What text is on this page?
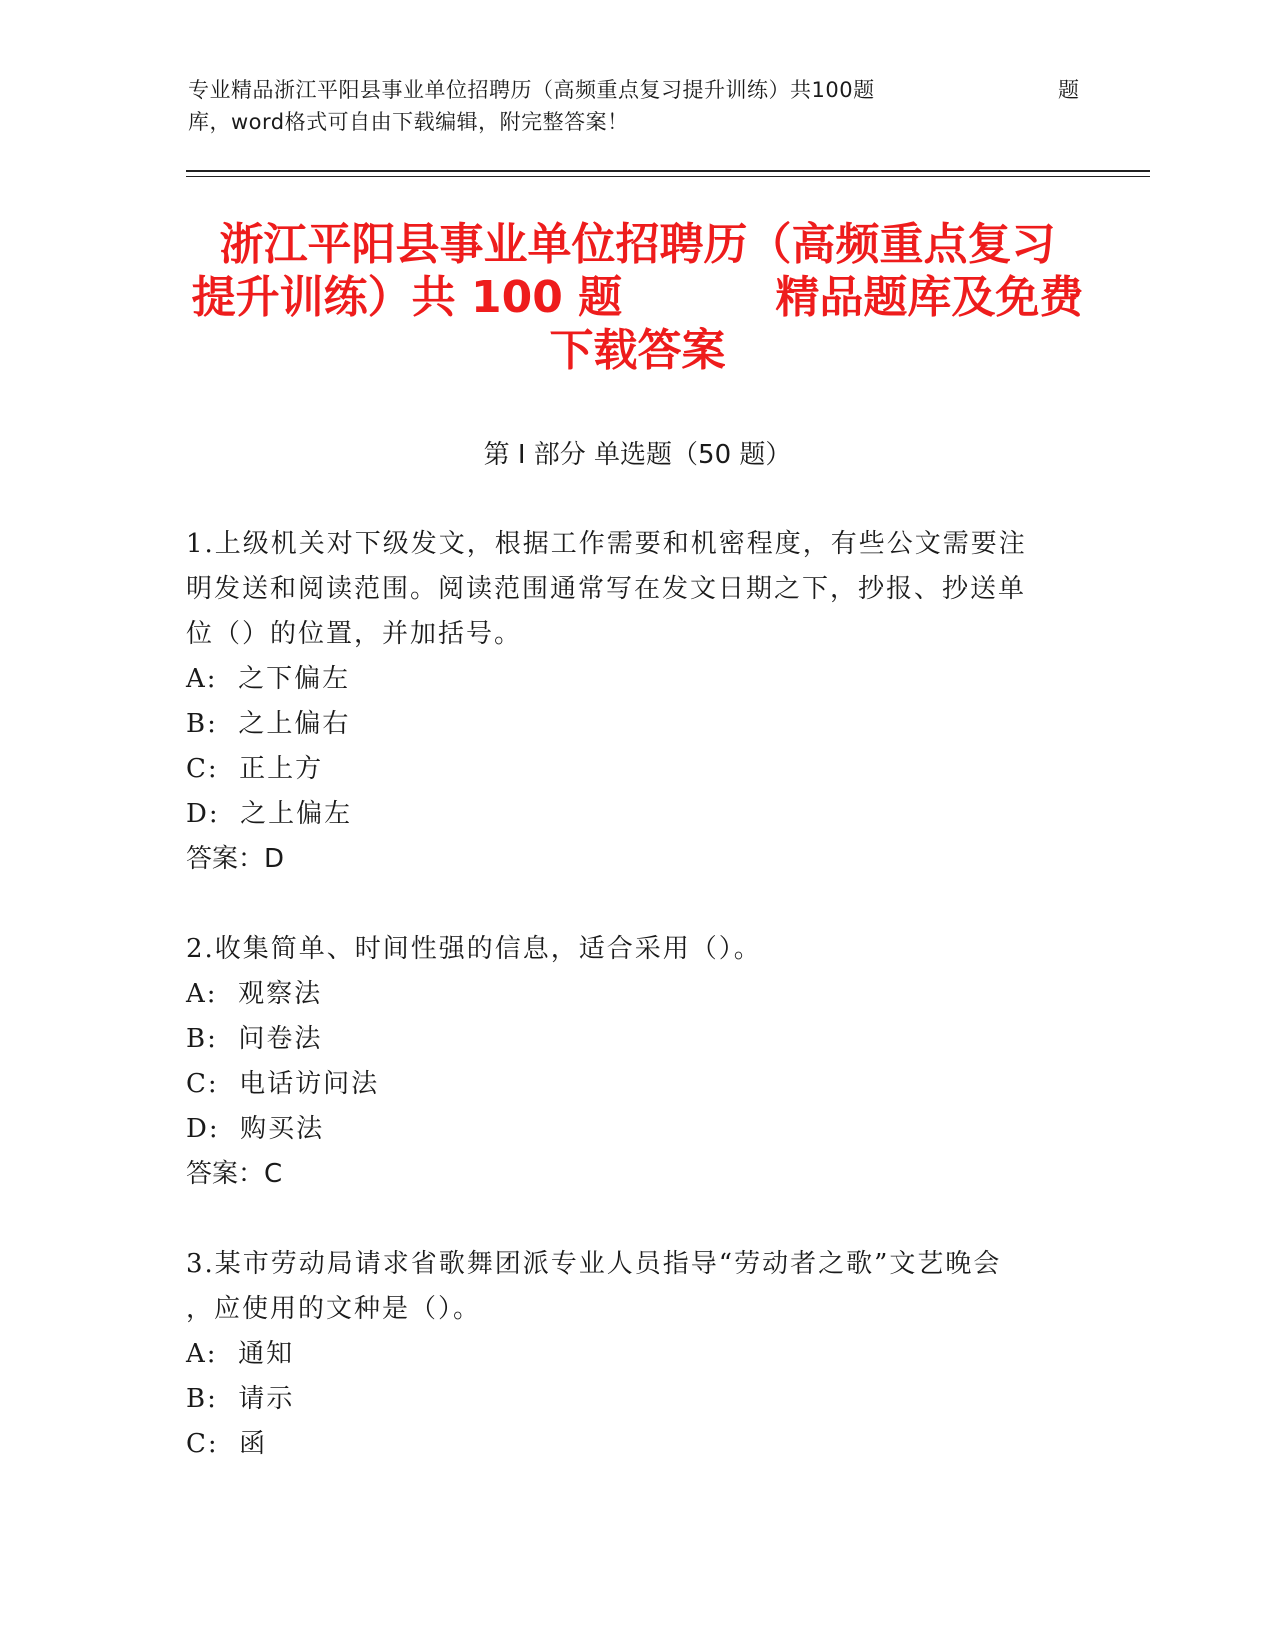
专业精品浙江平阳县事业单位招聘历（高频重点复习提升训练）共100题	题
库，word格式可自由下载编辑，附完整答案！
浙江平阳县事业单位招聘历（高频重点复习
提升训练）共 100 题          精品题库及免费
下载答案
第 I 部分 单选题（50 题）
1.上级机关对下级发文，根据工作需要和机密程度，有些公文需要注
明发送和阅读范围。阅读范围通常写在发文日期之下，抄报、抄送单
位（）的位置，并加括号。
A:  之下偏左
B:  之上偏右
C:  正上方
D:  之上偏左
答案：D
2.收集简单、时间性强的信息，适合采用（）。
A:  观察法
B:  问卷法
C:  电话访问法
D:  购买法
答案：C
3.某市劳动局请求省歌舞团派专业人员指导“劳动者之歌”文艺晚会
，应使用的文种是（）。
A:  通知
B:  请示
C:  函
